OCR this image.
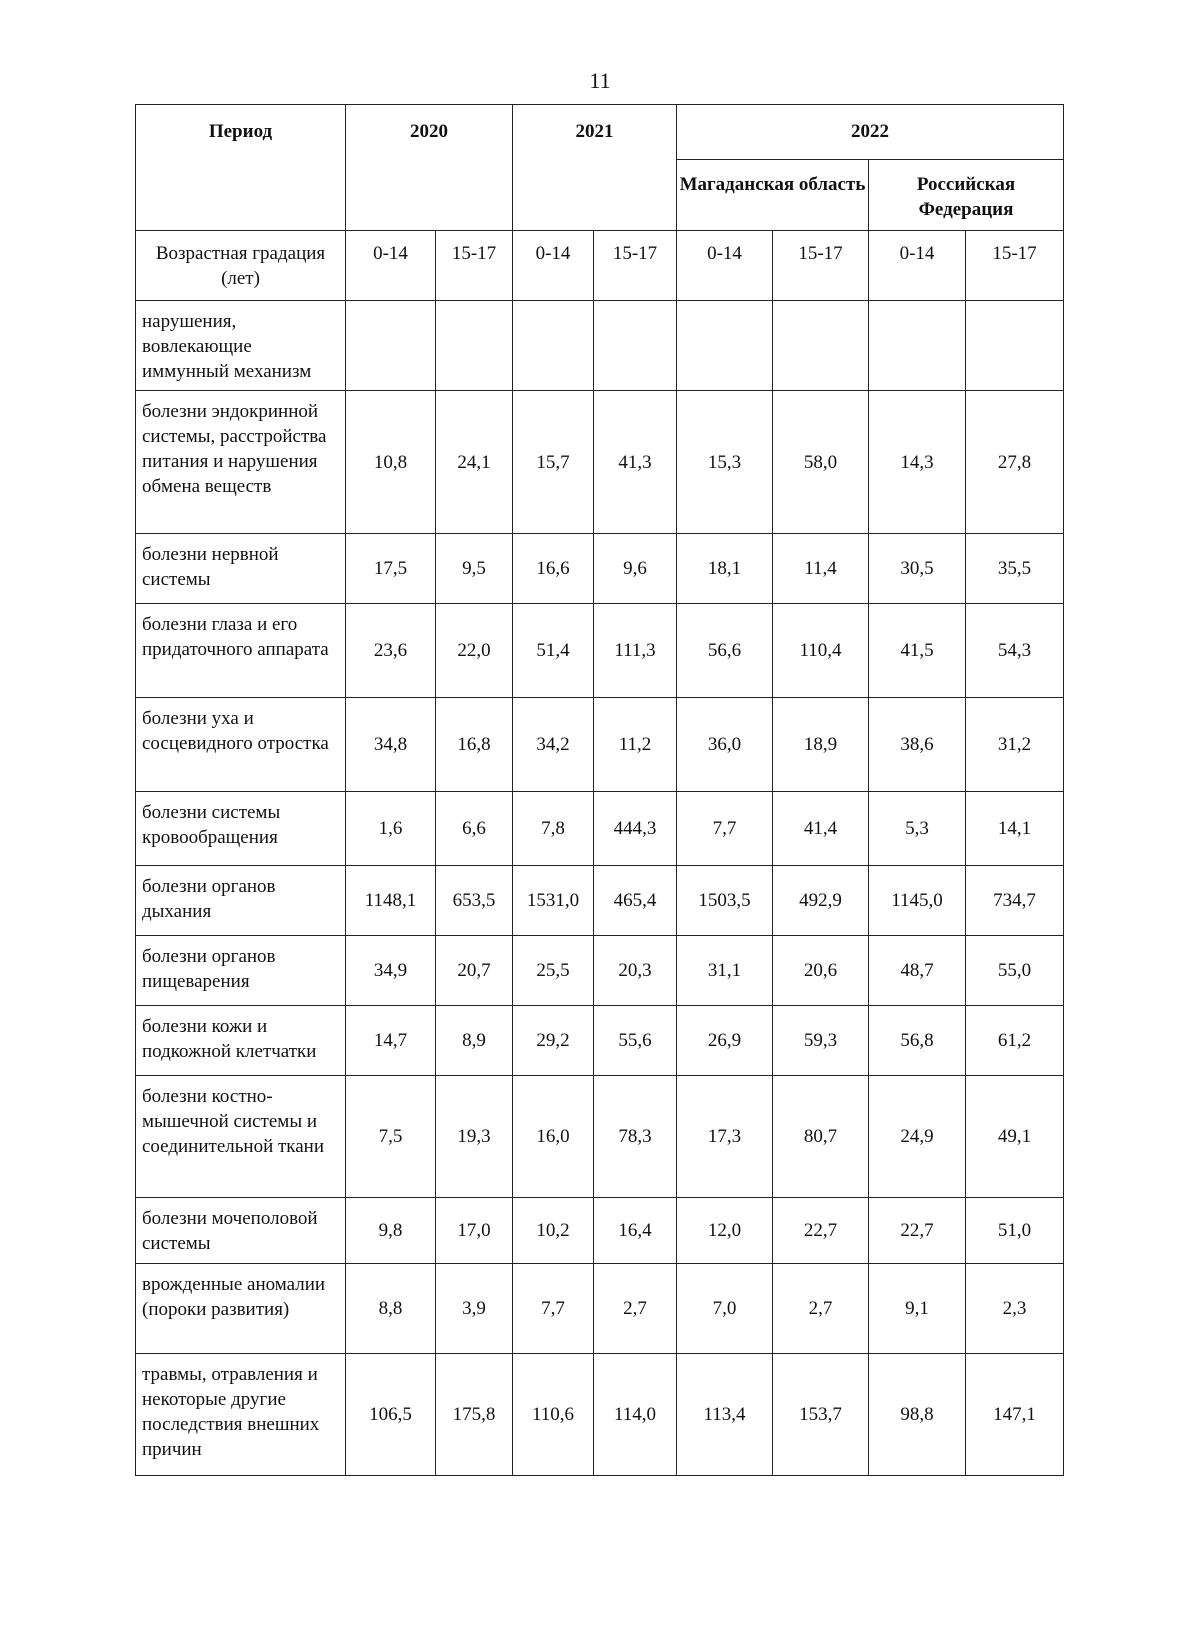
11
Период	2020		2021		2022			
					Магаданская область		Российская Федерация	
Возрастная градация (лет)	0-14	15-17	0-14	15-17	0-14	15-17	0-14	15-17
нарушения, вовлекающие иммунный механизм								
болезни эндокринной системы, расстройства питания и нарушения обмена веществ	10,8	24,1	15,7	41,3	15,3	58,0	14,3	27,8
болезни нервной системы	17,5	9,5	16,6	9,6	18,1	11,4	30,5	35,5
болезни глаза и его придаточного аппарата	23,6	22,0	51,4	111,3	56,6	110,4	41,5	54,3
болезни уха и сосцевидного отростка	34,8	16,8	34,2	11,2	36,0	18,9	38,6	31,2
болезни системы кровообращения	1,6	6,6	7,8	444,3	7,7	41,4	5,3	14,1
болезни органов дыхания	1148,1	653,5	1531,0	465,4	1503,5	492,9	1145,0	734,7
болезни органов пищеварения	34,9	20,7	25,5	20,3	31,1	20,6	48,7	55,0
болезни кожи и подкожной клетчатки	14,7	8,9	29,2	55,6	26,9	59,3	56,8	61,2
болезни костно-мышечной системы и соединительной ткани	7,5	19,3	16,0	78,3	17,3	80,7	24,9	49,1
болезни мочеполовой системы	9,8	17,0	10,2	16,4	12,0	22,7	22,7	51,0
врожденные аномалии (пороки развития)	8,8	3,9	7,7	2,7	7,0	2,7	9,1	2,3
травмы, отравления и некоторые другие последствия внешних причин	106,5	175,8	110,6	114,0	113,4	153,7	98,8	147,1
